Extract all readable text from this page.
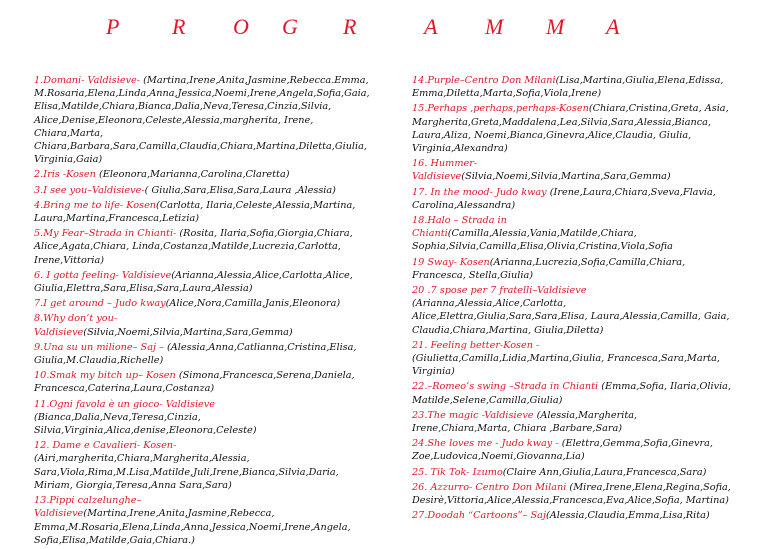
P R O G R	A M M A
1.Domani- Valdisieve- (Martina,Irene,Anita,Jasmine,Rebecca.Emma, M.Rosaria,Elena,Linda,Anna,Jessica,Noemi,Irene,Angela,Sofia,Gaia, Elisa,Matilde,Chiara,Bianca,Dalia,Neva,Teresa,Cinzia,Silvia, Alice,Denise,Eleonora,Celeste,Alessia,margherita, Irene, Chiara,Marta, Chiara,Barbara,Sara,Camilla,Claudia,Chiara,Martina,Diletta,Giulia, Virginia,Gaia)
2.Iris -Kosen (Eleonora,Marianna,Carolina,Claretta)
3.I see you–Valdisieve-( Giulia,Sara,Elisa,Sara,Laura ,Alessia)
4.Bring me to life- Kosen(Carlotta, Ilaria,Celeste,Alessia,Martina, Laura,Martina,Francesca,Letizia)
5.My Fear–Strada in Chianti- (Rosita, Ilaria,Sofia,Giorgia,Chiara, Alice,Agata,Chiara, Linda,Costanza,Matilde,Lucrezia,Carlotta, Irene,Vittoria)
6. I gotta feeling- Valdisieve(Arianna,Alessia,Alice,Carlotta,Alice, Giulia,Elettra,Sara,Elisa,Sara,Laura,Alessia)
7.I get around – Judo kway(Alice,Nora,Camilla,Janis,Eleonora)
8.Why don’t you-Valdisieve(Silvia,Noemi,Silvia,Martina,Sara,Gemma)
9.Una su un milione– Saj – (Alessia,Anna,Catlianna,Cristina,Elisa, Giulia,M.Claudia,Richelle)
10.Smak my bitch up– Kosen (Simona,Francesca,Serena,Daniela, Francesca,Caterina,Laura,Costanza)
11.Ogni favola è un gioco- Valdisieve (Bianca,Dalia,Neva,Teresa,Cinzia, Silvia,Virginia,Alica,denise,Eleonora,Celeste)
12. Dame e Cavalieri- Kosen-(Airi,margherita,Chiara,Margherita,Alessia, Sara,Viola,Rima,M.Lisa,Matilde,Juli,Irene,Bianca,Silvia,Daria, Miriam, Giorgia,Teresa,Anna Sara,Sara)
13.Pippi calzelunghe– Valdisieve(Martina,Irene,Anita,Jasmine,Rebecca, Emma,M.Rosaria,Elena,Linda,Anna,Jessica,Noemi,Irene,Angela, Sofia,Elisa,Matilde,Gaia,Chiara.)
14.Purple–Centro Don Milani(Lisa,Martina,Giulia,Elena,Edissa, Emma,Diletta,Marta,Sofia,Viola,Irene)
15.Perhaps ,perhaps,perhaps-Kosen(Chiara,Cristina,Greta, Asia, Margherita,Greta,Maddalena,Lea,Silvia,Sara,Alessia,Bianca, Laura,Aliza, Noemi,Bianca,Ginevra,Alice,Claudia, Giulia, Virginia,Alexandra)
16. Hummer- Valdisieve(Silvia,Noemi,Silvia,Martina,Sara,Gemma)
17. In the mood- Judo kway (Irene,Laura,Chiara,Sveva,Flavia, Carolina,Alessandra)
18.Halo – Strada in Chianti(Camilla,Alessia,Vania,Matilde,Chiara, Sophia,Silvia,Camilla,Elisa,Olivia,Cristina,Viola,Sofia
19 Sway- Kosen(Arianna,Lucrezia,Sofia,Camilla,Chiara, Francesca, Stella,Giulia)
20 .7 spose per 7 fratelli–Valdisieve (Arianna,Alessia,Alice,Carlotta, Alice,Elettra,Giulia,Sara,Sara,Elisa, Laura,Alessia,Camilla, Gaia, Claudia,Chiara,Martina, Giulia,Diletta)
21. Feeling better-Kosen - (Giulietta,Camilla,Lidia,Martina,Giulia, Francesca,Sara,Marta, Virginia)
22.–Romeo’s swing –Strada in Chianti (Emma,Sofia, Ilaria,Olivia, Matilde,Selene,Camilla,Giulia)
23.The magic -Valdisieve (Alessia,Margherita, Irene,Chiara,Marta, Chiara ,Barbare,Sara)
24.She loves me - Judo kway - (Elettra,Gemma,Sofia,Ginevra, Zoe,Ludovica,Noemi,Giovanna,Lia)
25. Tik Tok- Izumo(Claire Ann,Giulia,Laura,Francesca,Sara)
26. Azzurro- Centro Don Milani (Mirea,Irene,Elena,Regina,Sofia, Desirè,Vittoria,Alice,Alessia,Francesca,Eva,Alice,Sofia, Martina)
27.Doodah “Cartoons”– Saj(Alessia,Claudia,Emma,Lisa,Rita)
